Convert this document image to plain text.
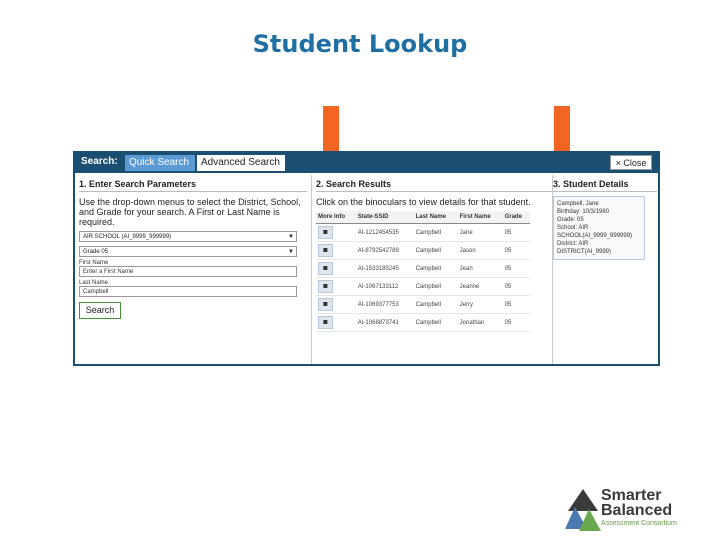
Student Lookup
Search:	Quick Search	Advanced Search	× Close
1. Enter Search Parameters
Use the drop-down menus to select the District, School, and Grade for your search. A First or Last Name is required.
AIR SCHOOL (AI_9999_999999)	▼
Grade 05	▼
First Name
Enter a First Name
Last Name
Campbell
Search
2. Search Results
Click on the binoculars to view details for that student.
More Info	State-SSID	Last Name	First Name	Grade
◙	AI-1212454535	Campbell	Jane	05
◙	AI-8792542789	Campbell	Jason	05
◙	AI-1533185245	Campbell	Jean	05
◙	AI-1067133112	Campbell	Jeanne	05
◙	AI-1069377753	Campbell	Jerry	05
◙	AI-1068873741	Campbell	Jonathan	05
3. Student Details
Campbell, Jane
Birthday: 10/3/1980
Grade: 05
School: AIR SCHOOL(AI_9999_999999)
District: AIR DISTRICT(AI_9999)
Smarter
Balanced
Assessment Consortium
